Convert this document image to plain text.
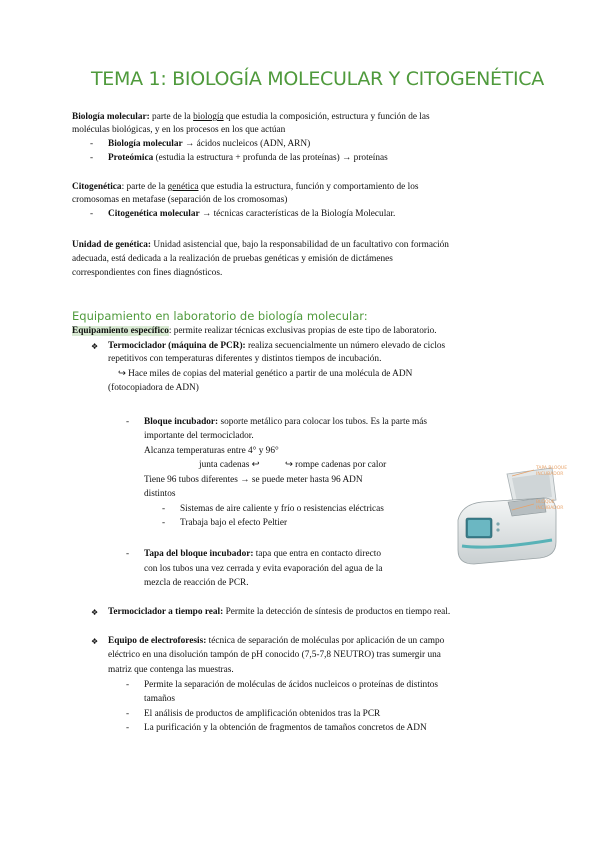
TEMA 1: BIOLOGÍA MOLECULAR Y CITOGENÉTICA
Biología molecular: parte de la biología que estudia la composición, estructura y función de las
moléculas biológicas, y en los procesos en los que actúan
- Biología molecular → ácidos nucleicos (ADN, ARN)
- Proteómica (estudia la estructura + profunda de las proteínas) → proteínas
Citogenética: parte de la genética que estudia la estructura, función y comportamiento de los
cromosomas en metafase (separación de los cromosomas)
- Citogenética molecular → técnicas características de la Biología Molecular.
Unidad de genética: Unidad asistencial que, bajo la responsabilidad de un facultativo con formación
adecuada, está dedicada a la realización de pruebas genéticas y emisión de dictámenes
correspondientes con fines diagnósticos.
Equipamiento en laboratorio de biología molecular:
Equipamiento específico: permite realizar técnicas exclusivas propias de este tipo de laboratorio.
❖ Termociclador (máquina de PCR): realiza secuencialmente un número elevado de ciclos
repetitivos con temperaturas diferentes y distintos tiempos de incubación.
↪ Hace miles de copias del material genético a partir de una molécula de ADN
(fotocopiadora de ADN)
- Bloque incubador: soporte metálico para colocar los tubos. Es la parte más
importante del termociclador.
Alcanza temperaturas entre 4° y 96°
junta cadenas ↩	↪ rompe cadenas por calor
Tiene 96 tubos diferentes → se puede meter hasta 96 ADN
distintos
- Sistemas de aire caliente y frío o resistencias eléctricas
- Trabaja bajo el efecto Peltier
- Tapa del bloque incubador: tapa que entra en contacto directo
con los tubos una vez cerrada y evita evaporación del agua de la
mezcla de reacción de PCR.
TAPA BLOQUE INCUBADOR
BLOQUE INCUBADOR
❖ Termociclador a tiempo real: Permite la detección de síntesis de productos en tiempo real.
❖ Equipo de electroforesis: técnica de separación de moléculas por aplicación de un campo
eléctrico en una disolución tampón de pH conocido (7,5-7,8 NEUTRO) tras sumergir una
matriz que contenga las muestras.
- Permite la separación de moléculas de ácidos nucleicos o proteínas de distintos
tamaños
- El análisis de productos de amplificación obtenidos tras la PCR
- La purificación y la obtención de fragmentos de tamaños concretos de ADN
